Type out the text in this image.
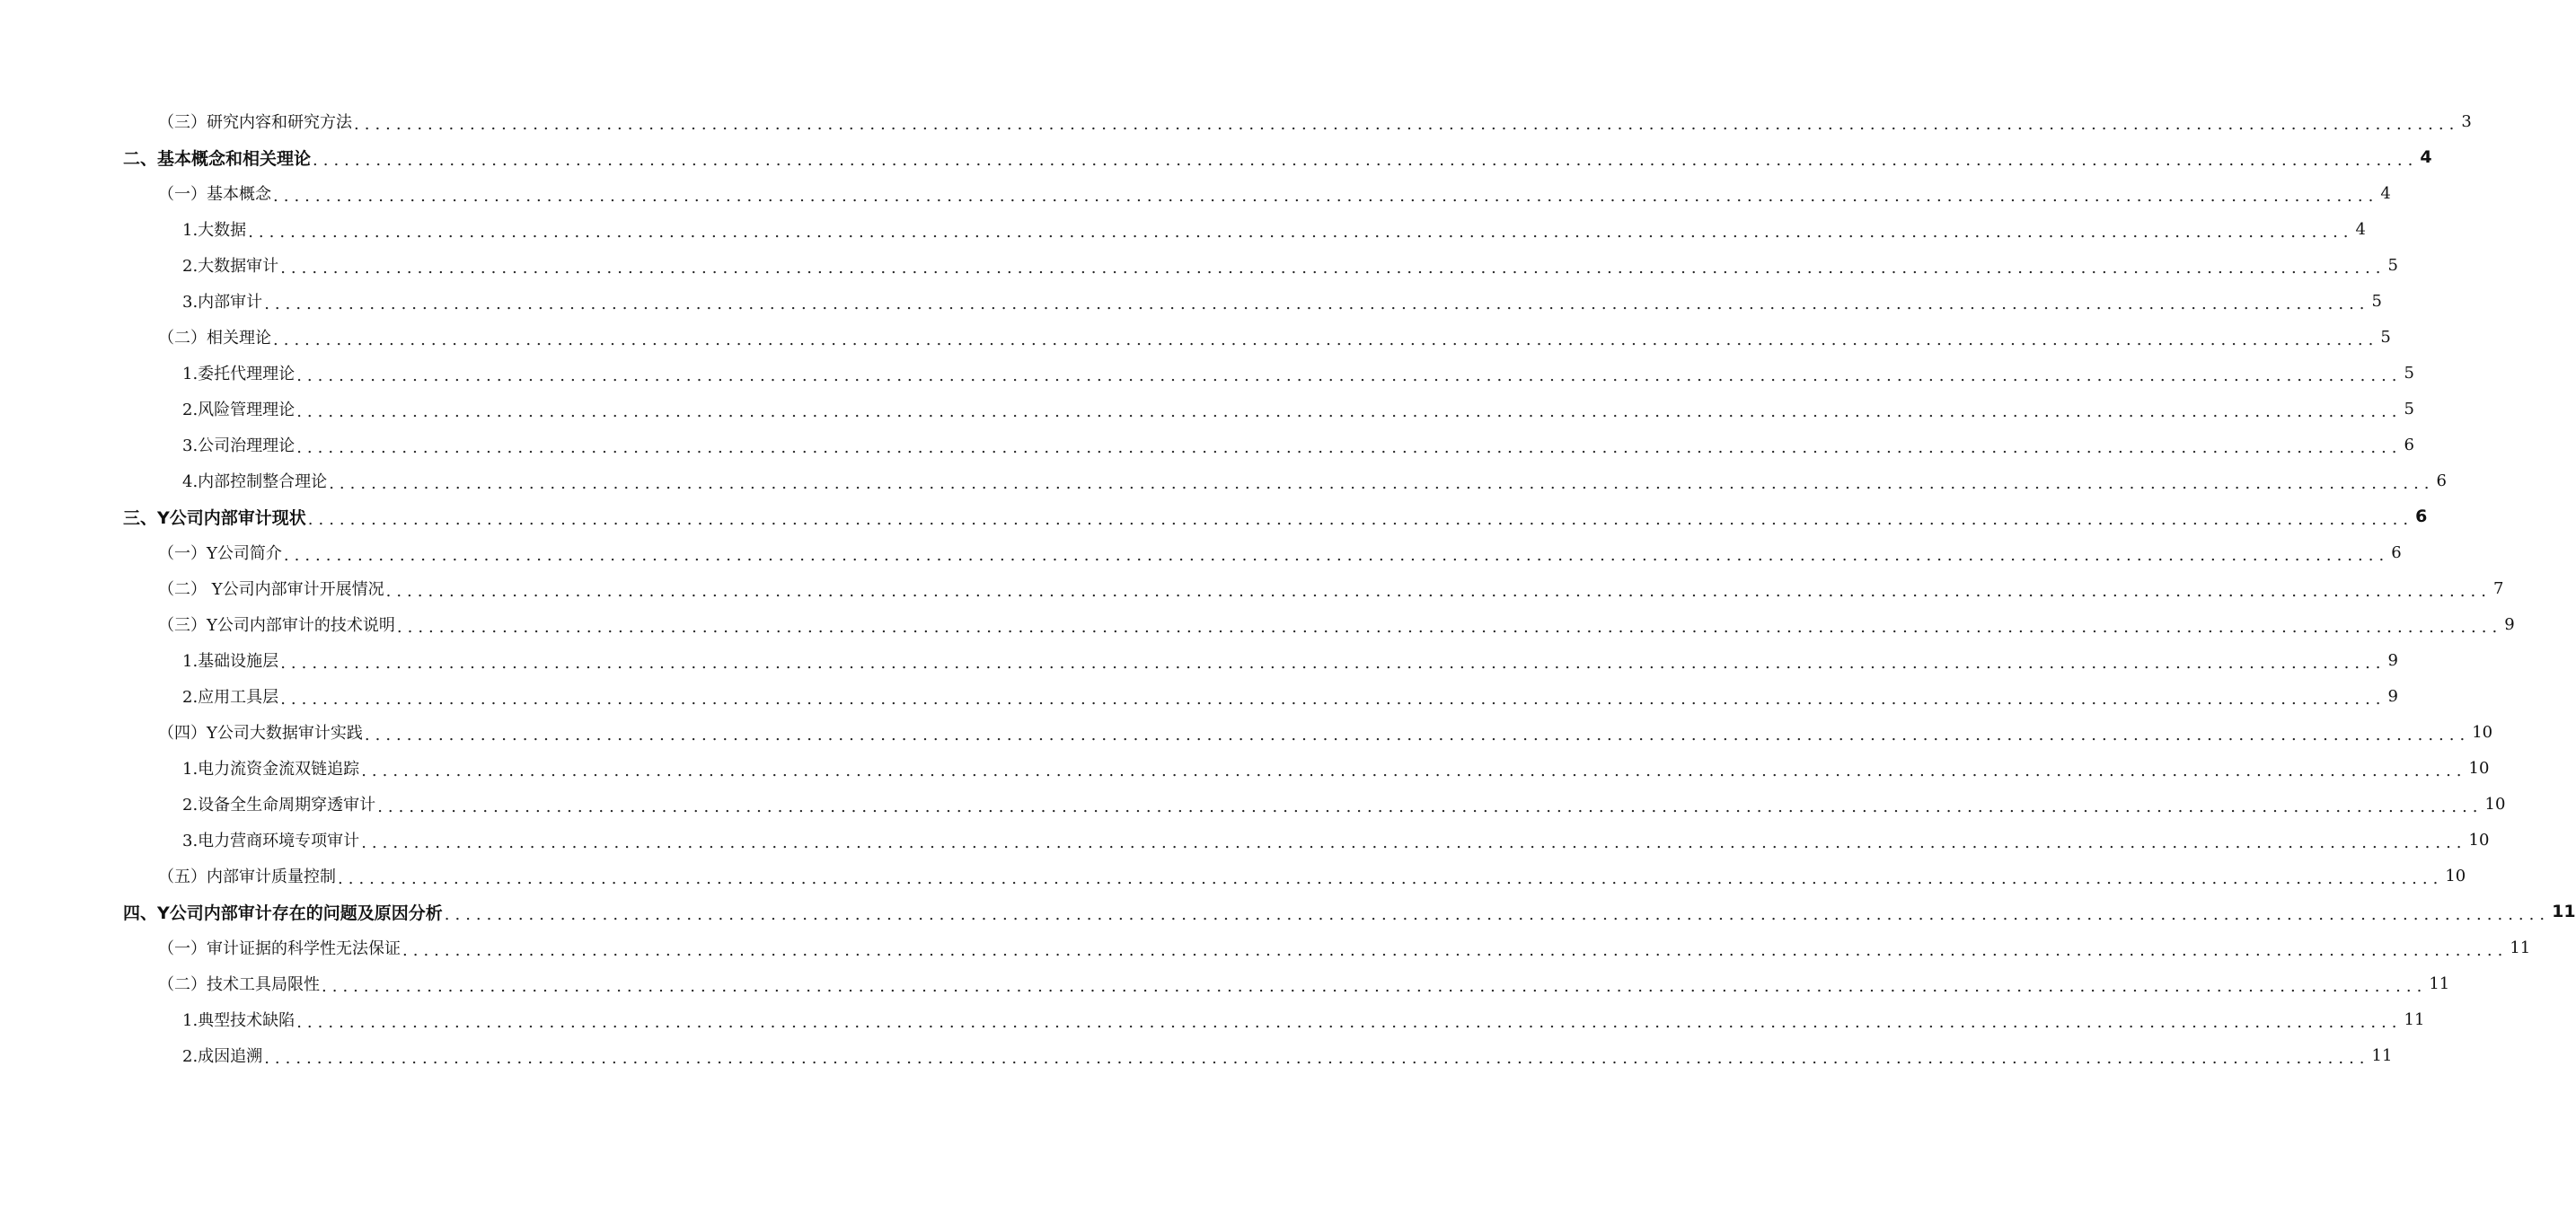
（三）研究内容和研究方法 ........................................................................................................................................................................................................ 3
二、基本概念和相关理论 ........................................................................................................................................................................................................ 4
（一）基本概念 ........................................................................................................................................................................................................ 4
1.大数据 ........................................................................................................................................................................................................ 4
2.大数据审计 ........................................................................................................................................................................................................ 5
3.内部审计 ........................................................................................................................................................................................................ 5
（二）相关理论 ........................................................................................................................................................................................................ 5
1.委托代理理论 ........................................................................................................................................................................................................ 5
2.风险管理理论 ........................................................................................................................................................................................................ 5
3.公司治理理论 ........................................................................................................................................................................................................ 6
4.内部控制整合理论 ........................................................................................................................................................................................................ 6
三、Y公司内部审计现状 ........................................................................................................................................................................................................ 6
（一）Y公司简介 ........................................................................................................................................................................................................ 6
（二） Y公司内部审计开展情况 ........................................................................................................................................................................................................ 7
（三）Y公司内部审计的技术说明 ........................................................................................................................................................................................................ 9
1.基础设施层 ........................................................................................................................................................................................................ 9
2.应用工具层 ........................................................................................................................................................................................................ 9
（四）Y公司大数据审计实践 ........................................................................................................................................................................................................ 10
1.电力流资金流双链追踪 ........................................................................................................................................................................................................ 10
2.设备全生命周期穿透审计 ........................................................................................................................................................................................................ 10
3.电力营商环境专项审计 ........................................................................................................................................................................................................ 10
（五）内部审计质量控制 ........................................................................................................................................................................................................ 10
四、Y公司内部审计存在的问题及原因分析 ........................................................................................................................................................................................................ 11
（一）审计证据的科学性无法保证 ........................................................................................................................................................................................................ 11
（二）技术工具局限性 ........................................................................................................................................................................................................ 11
1.典型技术缺陷 ........................................................................................................................................................................................................ 11
2.成因追溯 ........................................................................................................................................................................................................ 11
